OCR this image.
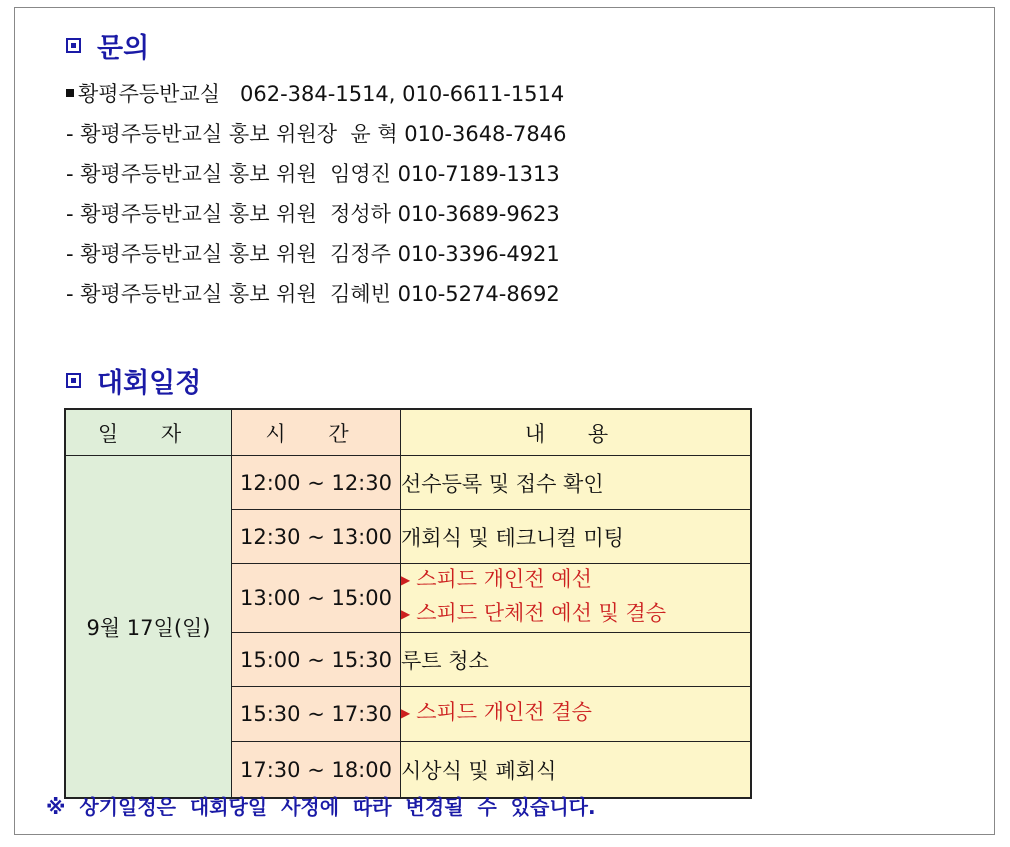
문의
황평주등반교실   062-384-1514, 010-6611-1514
- 황평주등반교실 홍보 위원장  윤 혁 010-3648-7846
- 황평주등반교실 홍보 위원  임영진 010-7189-1313
- 황평주등반교실 홍보 위원  정성하 010-3689-9623
- 황평주등반교실 홍보 위원  김정주 010-3396-4921
- 황평주등반교실 홍보 위원  김혜빈 010-5274-8692
대회일정
일 자	시 간	내 용
9월 17일(일)	12:00 ~ 12:30	선수등록 및 접수 확인
	12:30 ~ 13:00	개회식 및 테크니컬 미팅
	13:00 ~ 15:00	▶ 스피드 개인전 예선
▶ 스피드 단체전 예선 및 결승

	15:00 ~ 15:30	루트 청소
	15:30 ~ 17:30	▶ 스피드 개인전 결승

	17:30 ~ 18:00	시상식 및 폐회식
※  상기일정은  대회당일  사정에  따라  변경될  수  있습니다.
